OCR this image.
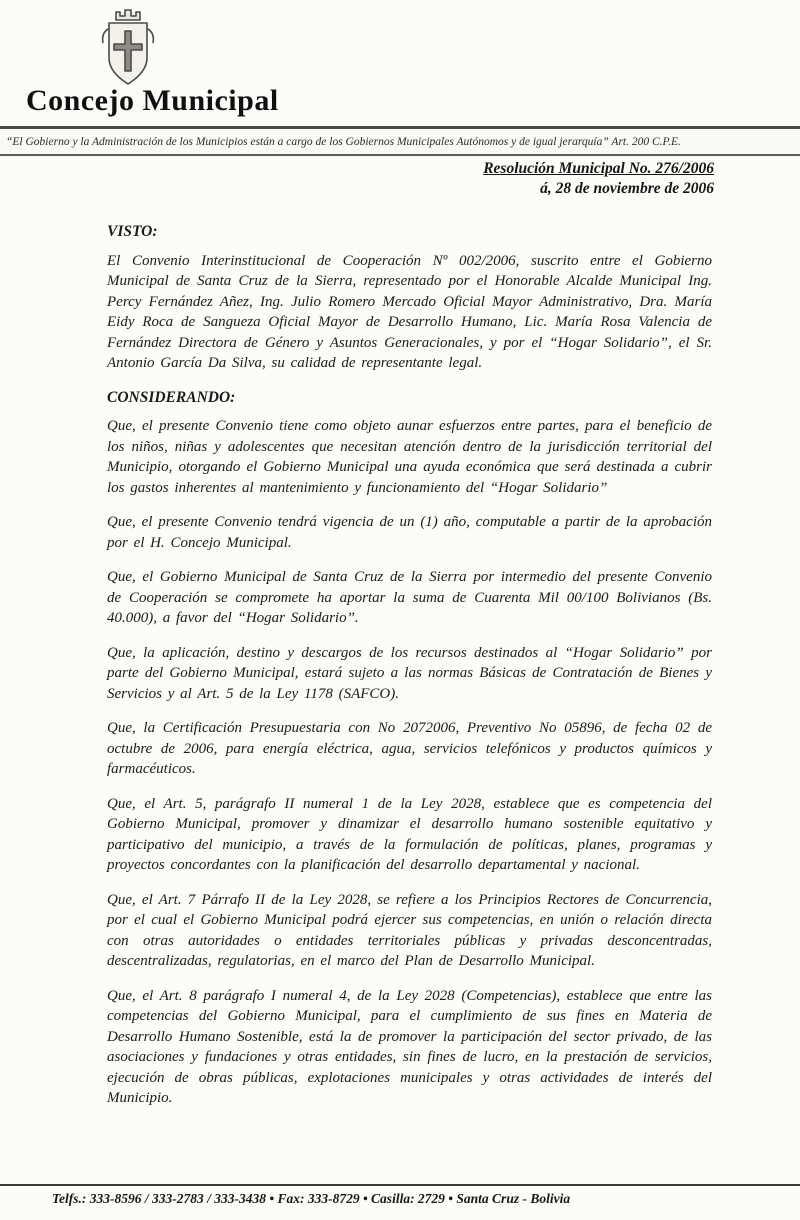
Concejo Municipal
“El Gobierno y la Administración de los Municipios están a cargo de los Gobiernos Municipales Autónomos y de igual jerarquía” Art. 200 C.P.E.
Resolución Municipal No. 276/2006
á, 28 de noviembre de 2006
VISTO:

El Convenio Interinstitucional de Cooperación Nº 002/2006, suscrito entre el Gobierno Municipal de Santa Cruz de la Sierra, representado por el Honorable Alcalde Municipal Ing. Percy Fernández Añez, Ing. Julio Romero Mercado Oficial Mayor Administrativo, Dra. María Eidy Roca de Sangueza Oficial Mayor de Desarrollo Humano, Lic. María Rosa Valencia de Fernández Directora de Género y Asuntos Generacionales, y por el “Hogar Solidario”, el Sr. Antonio García Da Silva, su calidad de representante legal.

CONSIDERANDO:

Que, el presente Convenio tiene como objeto aunar esfuerzos entre partes, para el beneficio de los niños, niñas y adolescentes que necesitan atención dentro de la jurisdicción territorial del Municipio, otorgando el Gobierno Municipal una ayuda económica que será destinada a cubrir los gastos inherentes al mantenimiento y funcionamiento del “Hogar Solidario”

Que, el presente Convenio tendrá vigencia de un (1) año, computable a partir de la aprobación por el H. Concejo Municipal.

Que, el Gobierno Municipal de Santa Cruz de la Sierra por intermedio del presente Convenio de Cooperación se compromete ha aportar la suma de Cuarenta Mil 00/100 Bolivianos (Bs. 40.000), a favor del “Hogar Solidario”.

Que, la aplicación, destino y descargos de los recursos destinados al “Hogar Solidario” por parte del Gobierno Municipal, estará sujeto a las normas Básicas de Contratación de Bienes y Servicios y al Art. 5 de la Ley 1178 (SAFCO).

Que, la Certificación Presupuestaria con No 2072006, Preventivo No 05896, de fecha 02 de octubre de 2006, para energía eléctrica, agua, servicios telefónicos y productos químicos y farmacéuticos.

Que, el Art. 5, parágrafo II numeral 1 de la Ley 2028, establece que es competencia del Gobierno Municipal, promover y dinamizar el desarrollo humano sostenible equitativo y participativo del municipio, a través de la formulación de políticas, planes, programas y proyectos concordantes con la planificación del desarrollo departamental y nacional.

Que, el Art. 7 Párrafo II de la Ley 2028, se refiere a los Principios Rectores de Concurrencia, por el cual el Gobierno Municipal podrá ejercer sus competencias, en unión o relación directa con otras autoridades o entidades territoriales públicas y privadas desconcentradas, descentralizadas, regulatorias, en el marco del Plan de Desarrollo Municipal.

Que, el Art. 8 parágrafo I numeral 4, de la Ley 2028 (Competencias), establece que entre las competencias del Gobierno Municipal, para el cumplimiento de sus fines en Materia de Desarrollo Humano Sostenible, está la de promover la participación del sector privado, de las asociaciones y fundaciones y otras entidades, sin fines de lucro, en la prestación de servicios, ejecución de obras públicas, explotaciones municipales y otras actividades de interés del Municipio.

Telfs.: 333-8596 / 333-2783 / 333-3438 • Fax: 333-8729 • Casilla: 2729 • Santa Cruz - Bolivia
